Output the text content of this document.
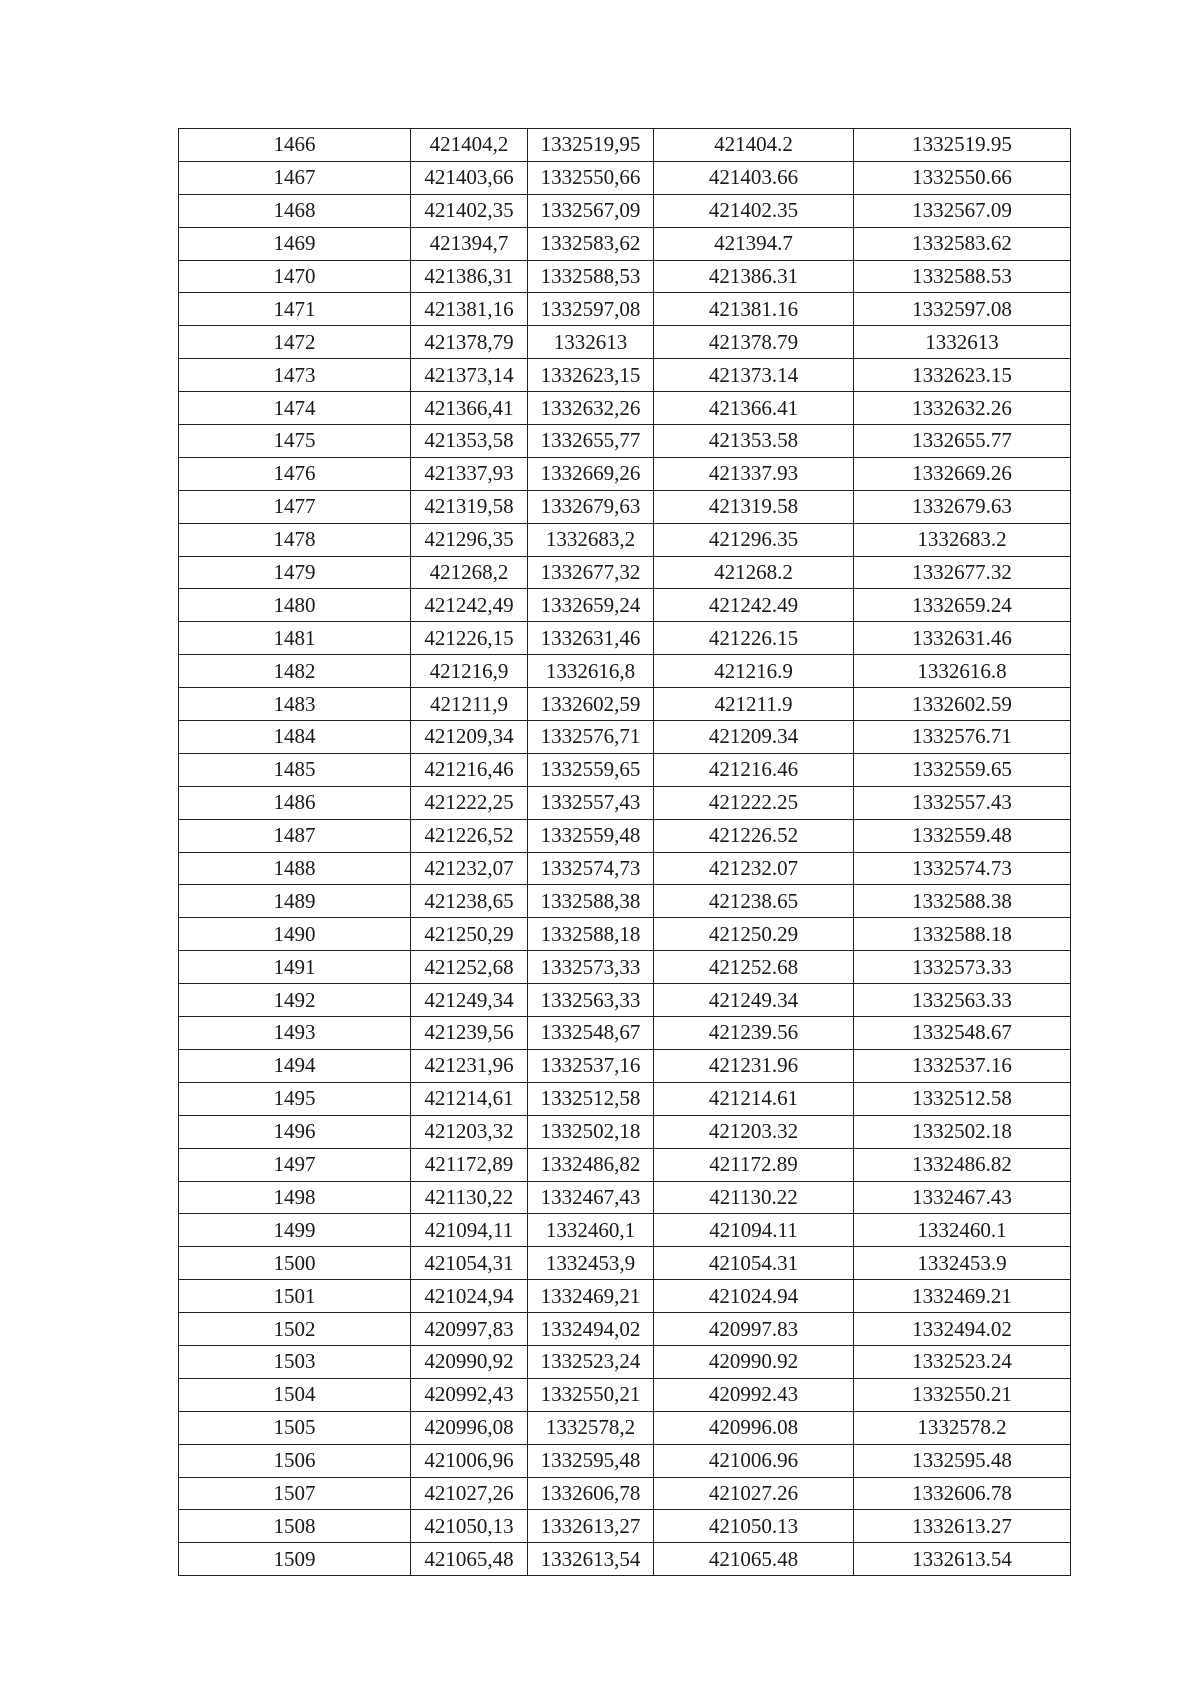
1466	421404,2	1332519,95	421404.2	1332519.95
1467	421403,66	1332550,66	421403.66	1332550.66
1468	421402,35	1332567,09	421402.35	1332567.09
1469	421394,7	1332583,62	421394.7	1332583.62
1470	421386,31	1332588,53	421386.31	1332588.53
1471	421381,16	1332597,08	421381.16	1332597.08
1472	421378,79	1332613	421378.79	1332613
1473	421373,14	1332623,15	421373.14	1332623.15
1474	421366,41	1332632,26	421366.41	1332632.26
1475	421353,58	1332655,77	421353.58	1332655.77
1476	421337,93	1332669,26	421337.93	1332669.26
1477	421319,58	1332679,63	421319.58	1332679.63
1478	421296,35	1332683,2	421296.35	1332683.2
1479	421268,2	1332677,32	421268.2	1332677.32
1480	421242,49	1332659,24	421242.49	1332659.24
1481	421226,15	1332631,46	421226.15	1332631.46
1482	421216,9	1332616,8	421216.9	1332616.8
1483	421211,9	1332602,59	421211.9	1332602.59
1484	421209,34	1332576,71	421209.34	1332576.71
1485	421216,46	1332559,65	421216.46	1332559.65
1486	421222,25	1332557,43	421222.25	1332557.43
1487	421226,52	1332559,48	421226.52	1332559.48
1488	421232,07	1332574,73	421232.07	1332574.73
1489	421238,65	1332588,38	421238.65	1332588.38
1490	421250,29	1332588,18	421250.29	1332588.18
1491	421252,68	1332573,33	421252.68	1332573.33
1492	421249,34	1332563,33	421249.34	1332563.33
1493	421239,56	1332548,67	421239.56	1332548.67
1494	421231,96	1332537,16	421231.96	1332537.16
1495	421214,61	1332512,58	421214.61	1332512.58
1496	421203,32	1332502,18	421203.32	1332502.18
1497	421172,89	1332486,82	421172.89	1332486.82
1498	421130,22	1332467,43	421130.22	1332467.43
1499	421094,11	1332460,1	421094.11	1332460.1
1500	421054,31	1332453,9	421054.31	1332453.9
1501	421024,94	1332469,21	421024.94	1332469.21
1502	420997,83	1332494,02	420997.83	1332494.02
1503	420990,92	1332523,24	420990.92	1332523.24
1504	420992,43	1332550,21	420992.43	1332550.21
1505	420996,08	1332578,2	420996.08	1332578.2
1506	421006,96	1332595,48	421006.96	1332595.48
1507	421027,26	1332606,78	421027.26	1332606.78
1508	421050,13	1332613,27	421050.13	1332613.27
1509	421065,48	1332613,54	421065.48	1332613.54
